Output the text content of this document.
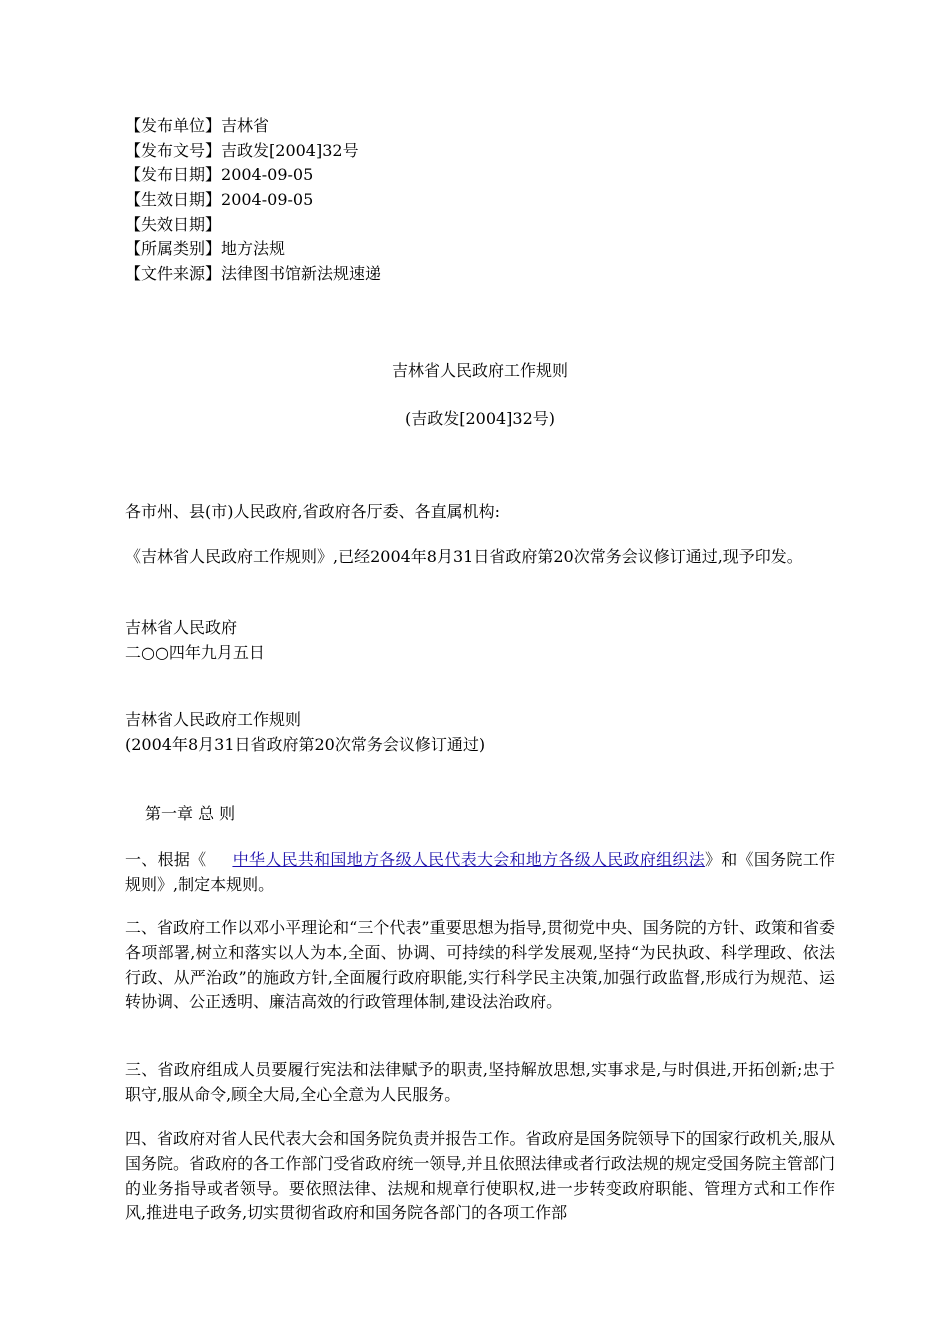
【发布单位】吉林省
【发布文号】吉政发[2004]32号
【发布日期】2004-09-05
【生效日期】2004-09-05
【失效日期】
【所属类别】地方法规
【文件来源】法律图书馆新法规速递
吉林省人民政府工作规则
(吉政发[2004]32号)
各市州、县(市)人民政府,省政府各厅委、各直属机构:
《吉林省人民政府工作规则》,已经2004年8月31日省政府第20次常务会议修订通过,现予印发。
吉林省人民政府
二○○四年九月五日
吉林省人民政府工作规则
(2004年8月31日省政府第20次常务会议修订通过)
第一章 总 则
一、根据《 中华人民共和国地方各级人民代表大会和地方各级人民政府组织法》和《国务院工作规则》,制定本规则。
二、省政府工作以邓小平理论和“三个代表”重要思想为指导,贯彻党中央、国务院的方针、政策和省委各项部署,树立和落实以人为本,全面、协调、可持续的科学发展观,坚持“为民执政、科学理政、依法行政、从严治政”的施政方针,全面履行政府职能,实行科学民主决策,加强行政监督,形成行为规范、运转协调、公正透明、廉洁高效的行政管理体制,建设法治政府。
三、省政府组成人员要履行宪法和法律赋予的职责,坚持解放思想,实事求是,与时俱进,开拓创新;忠于职守,服从命令,顾全大局,全心全意为人民服务。
四、省政府对省人民代表大会和国务院负责并报告工作。省政府是国务院领导下的国家行政机关,服从国务院。省政府的各工作部门受省政府统一领导,并且依照法律或者行政法规的规定受国务院主管部门的业务指导或者领导。要依照法律、法规和规章行使职权,进一步转变政府职能、管理方式和工作作风,推进电子政务,切实贯彻省政府和国务院各部门的各项工作部
